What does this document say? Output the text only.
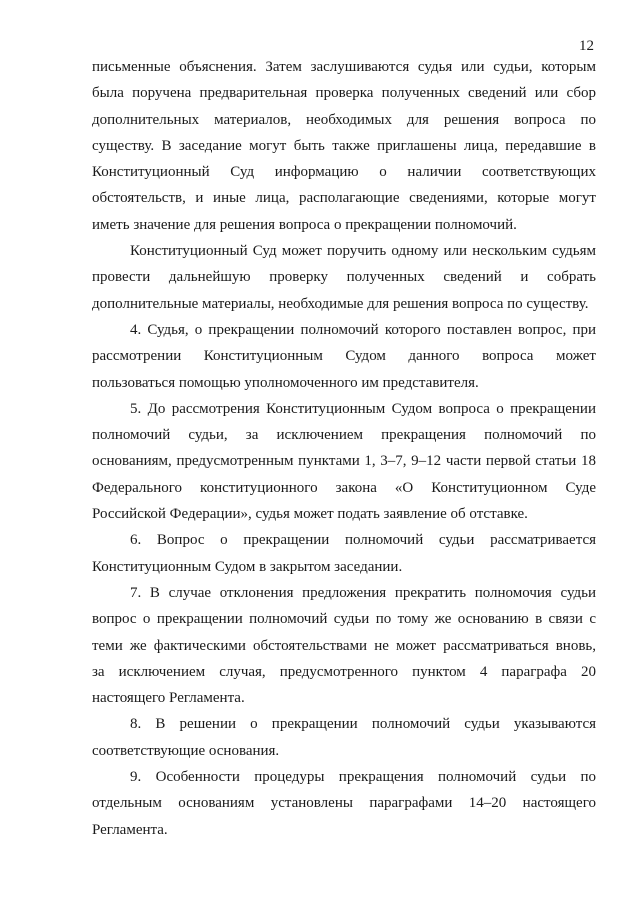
12
письменные объяснения. Затем заслушиваются судья или судьи, которым
была поручена предварительная проверка полученных сведений или сбор
дополнительных материалов, необходимых для решения вопроса по
существу. В заседание могут быть также приглашены лица, передавшие в
Конституционный Суд информацию о наличии соответствующих
обстоятельств, и иные лица, располагающие сведениями, которые могут
иметь значение для решения вопроса о прекращении полномочий.
Конституционный Суд может поручить одному или нескольким судьям
провести дальнейшую проверку полученных сведений и собрать
дополнительные материалы, необходимые для решения вопроса по существу.
4. Судья, о прекращении полномочий которого поставлен вопрос, при
рассмотрении Конституционным Судом данного вопроса может
пользоваться помощью уполномоченного им представителя.
5. До рассмотрения Конституционным Судом вопроса о прекращении
полномочий судьи, за исключением прекращения полномочий по
основаниям, предусмотренным пунктами 1, 3–7, 9–12 части первой статьи 18
Федерального конституционного закона «О Конституционном Суде
Российской Федерации», судья может подать заявление об отставке.
6. Вопрос о прекращении полномочий судьи рассматривается
Конституционным Судом в закрытом заседании.
7. В случае отклонения предложения прекратить полномочия судьи
вопрос о прекращении полномочий судьи по тому же основанию в связи с
теми же фактическими обстоятельствами не может рассматриваться вновь,
за исключением случая, предусмотренного пунктом 4 параграфа 20
настоящего Регламента.
8. В решении о прекращении полномочий судьи указываются
соответствующие основания.
9. Особенности процедуры прекращения полномочий судьи по
отдельным основаниям установлены параграфами 14–20 настоящего
Регламента.
